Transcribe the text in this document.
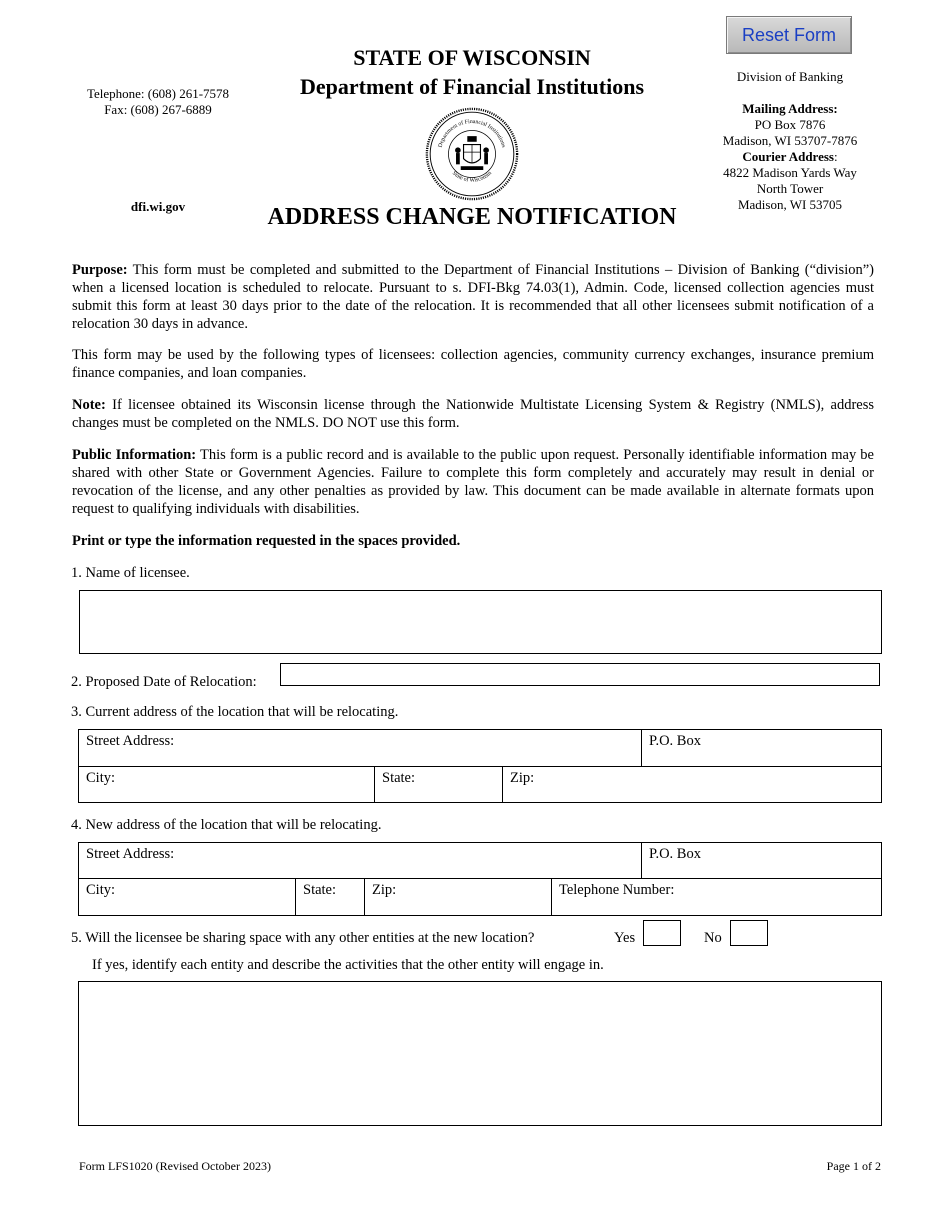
Telephone: (608) 261-7578
Fax: (608) 267-6889
dfi.wi.gov
STATE OF WISCONSIN
Department of Financial Institutions
Department of Financial Institutions
State of Wisconsin
ADDRESS CHANGE NOTIFICATION
Reset Form
Division of Banking
Mailing Address:
PO Box 7876
Madison, WI 53707-7876
Courier Address:
4822 Madison Yards Way
North Tower
Madison, WI 53705
Purpose: This form must be completed and submitted to the Department of Financial Institutions – Division of Banking (“division”) when a licensed location is scheduled to relocate. Pursuant to s. DFI-Bkg 74.03(1), Admin. Code, licensed collection agencies must submit this form at least 30 days prior to the date of the relocation. It is recommended that all other licensees submit notification of a relocation 30 days in advance.
This form may be used by the following types of licensees: collection agencies, community currency exchanges, insurance premium finance companies, and loan companies.
Note: If licensee obtained its Wisconsin license through the Nationwide Multistate Licensing System & Registry (NMLS), address changes must be completed on the NMLS. DO NOT use this form.
Public Information: This form is a public record and is available to the public upon request. Personally identifiable information may be shared with other State or Government Agencies. Failure to complete this form completely and accurately may result in denial or revocation of the license, and any other penalties as provided by law. This document can be made available in alternate formats upon request to qualifying individuals with disabilities.
Print or type the information requested in the spaces provided.
1. Name of licensee.
2. Proposed Date of Relocation:
3. Current address of the location that will be relocating.
Street Address:	P.O. Box
City:	State:	Zip:
4. New address of the location that will be relocating.
Street Address:	P.O. Box
City:	State:	Zip:	Telephone Number:
5. Will the licensee be sharing space with any other entities at the new location?	Yes	No
If yes, identify each entity and describe the activities that the other entity will engage in.
Form LFS1020 (Revised October 2023)	Page 1 of 2
